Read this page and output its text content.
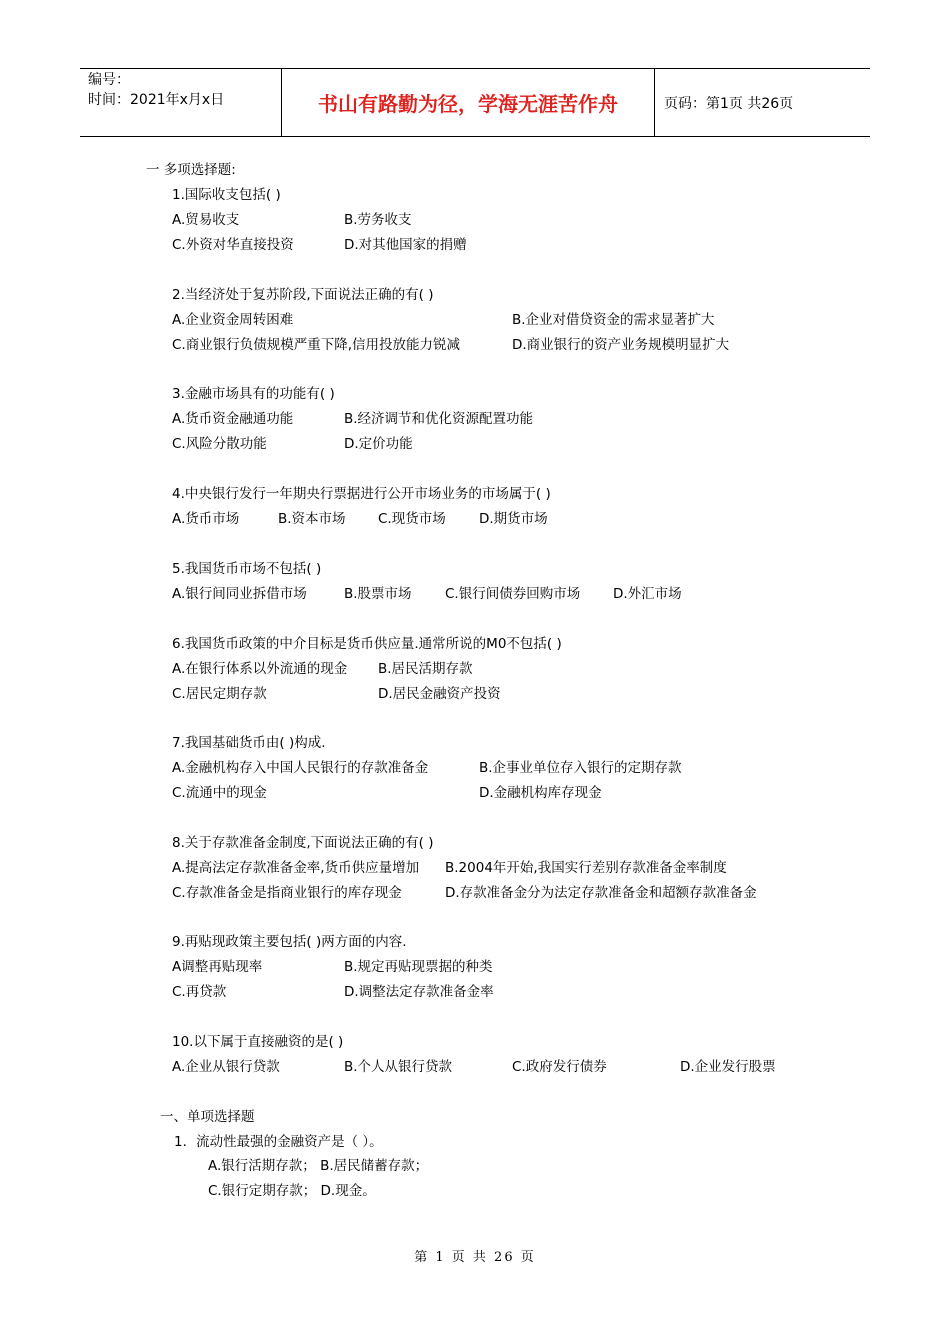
编号：
时间：2021年x月x日	书山有路勤为径，学海无涯苦作舟	页码：第1页 共26页
一 多项选择题:
1.国际收支包括( )
A.贸易收支	B.劳务收支
C.外资对华直接投资	D.对其他国家的捐赠
2.当经济处于复苏阶段,下面说法正确的有( )
A.企业资金周转困难	B.企业对借贷资金的需求显著扩大
C.商业银行负债规模严重下降,信用投放能力锐减	D.商业银行的资产业务规模明显扩大
3.金融市场具有的功能有( )
A.货币资金融通功能	B.经济调节和优化资源配置功能
C.风险分散功能	D.定价功能
4.中央银行发行一年期央行票据进行公开市场业务的市场属于( )
A.货币市场	B.资本市场 C.现货市场 D.期货市场
5.我国货币市场不包括( )
A.银行间同业拆借市场	B.股票市场 C.银行间债券回购市场 D.外汇市场
6.我国货币政策的中介目标是货币供应量.通常所说的M0不包括( )
A.在银行体系以外流通的现金 B.居民活期存款
C.居民定期存款	D.居民金融资产投资
7.我国基础货币由( )构成.
A.金融机构存入中国人民银行的存款准备金	B.企事业单位存入银行的定期存款
C.流通中的现金	D.金融机构库存现金
8.关于存款准备金制度,下面说法正确的有( )
A.提高法定存款准备金率,货币供应量增加 B.2004年开始,我国实行差别存款准备金率制度
C.存款准备金是指商业银行的库存现金	D.存款准备金分为法定存款准备金和超额存款准备金
9.再贴现政策主要包括( )两方面的内容.
A调整再贴现率	B.规定再贴现票据的种类
C.再贷款	D.调整法定存款准备金率
10.以下属于直接融资的是( )
A.企业从银行贷款	B.个人从银行贷款	C.政府发行债券	D.企业发行股票
一、单项选择题
1．流动性最强的金融资产是（ ）。
A.银行活期存款； B.居民储蓄存款；
C.银行定期存款； D.现金。
第 1 页 共 26 页
